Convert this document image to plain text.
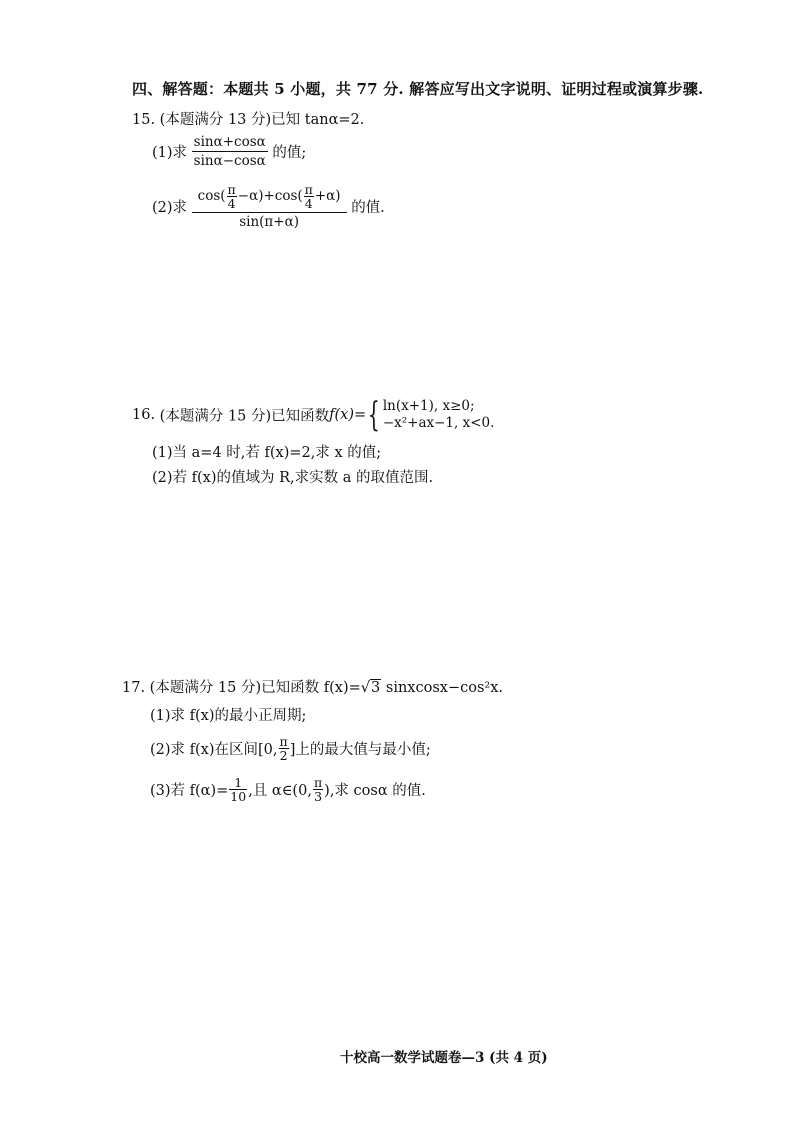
四、解答题：本题共 5 小题，共 77 分. 解答应写出文字说明、证明过程或演算步骤.
15. (本题满分 13 分)已知 tanα=2.
(1)求 $\frac{\sin\alpha+\cos\alpha}{\sin\alpha-\cos\alpha}$ 的值;
(2)求 $\frac{\cos( \frac{\pi}{4} -\alpha)+\cos( \frac{\pi}{4} +\alpha)}{\sin(\pi+\alpha)}$ 的值.
16. (本题满分 15 分)已知函数f(x)={ ln(x+1), x≥0;
−x²+ax−1, x<0.
(1)当 a=4 时,若 f(x)=2,求 x 的值;
(2)若 f(x)的值域为 R,求实数 a 的取值范围.
17. (本题满分 15 分)已知函数 f(x)=√3 sinxcosx−cos²x.
(1)求 f(x)的最小正周期;
(2)求 f(x)在区间[0, $\frac{\pi}{2}$ ]上的最大值与最小值;
(3)若 $f(\alpha)= \frac{1}{10}$ ,且 α∈(0, $\frac{\pi}{3}$ ),求 cosα 的值.
十校高一数学试题卷—3 (共 4 页)
